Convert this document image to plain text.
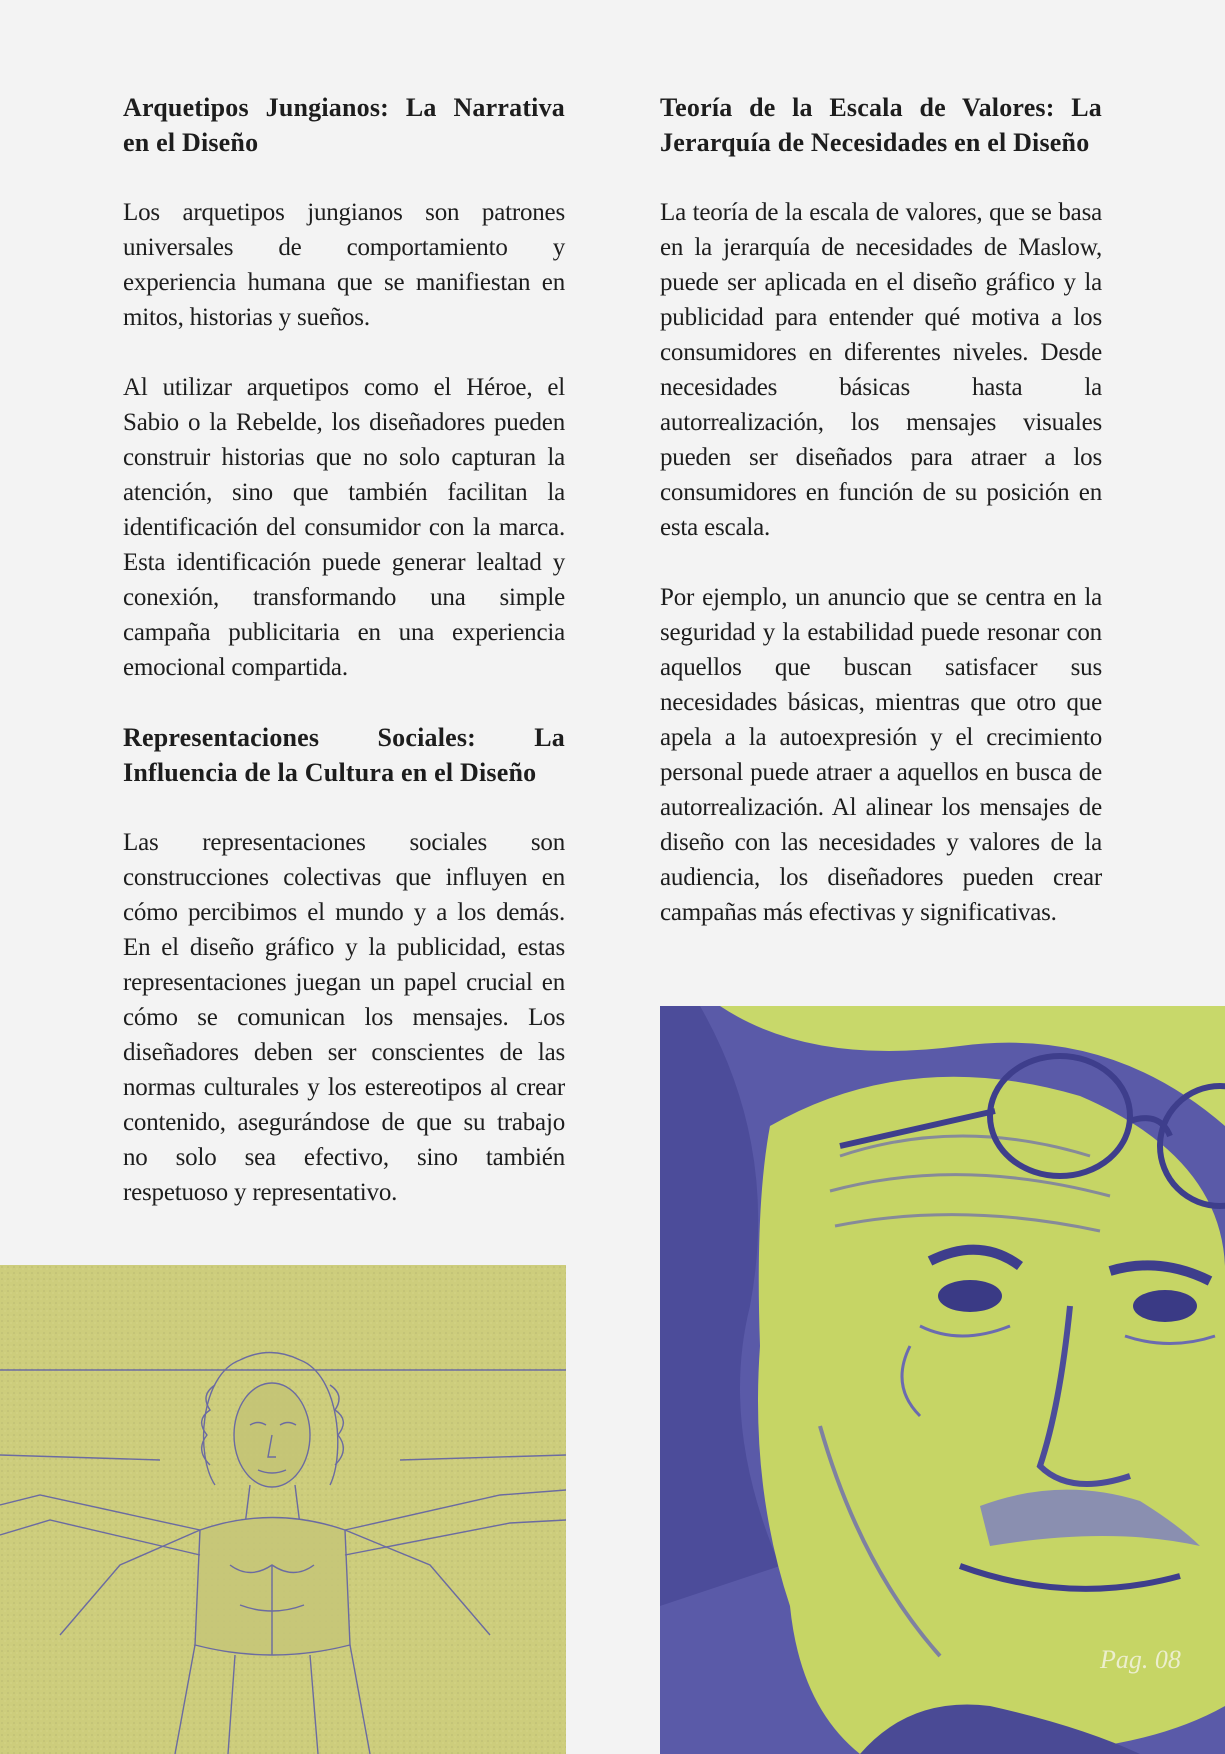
Arquetipos Jungianos: La Narrativa en el Diseño

Los arquetipos jungianos son patrones universales de comportamiento y experiencia humana que se manifiestan en mitos, historias y sueños.

Al utilizar arquetipos como el Héroe, el Sabio o la Rebelde, los diseñadores pueden construir historias que no solo capturan la atención, sino que también facilitan la identificación del consumidor con la marca. Esta identificación puede generar lealtad y conexión, transformando una simple campaña publicitaria en una experiencia emocional compartida.

Representaciones Sociales: La Influencia de la Cultura en el Diseño

Las representaciones sociales son construcciones colectivas que influyen en cómo percibimos el mundo y a los demás. En el diseño gráfico y la publicidad, estas representaciones juegan un papel crucial en cómo se comunican los mensajes. Los diseñadores deben ser conscientes de las normas culturales y los estereotipos al crear contenido, asegurándose de que su trabajo no solo sea efectivo, sino también respetuoso y representativo.

Teoría de la Escala de Valores: La Jerarquía de Necesidades en el Diseño

La teoría de la escala de valores, que se basa en la jerarquía de necesidades de Maslow, puede ser aplicada en el diseño gráfico y la publicidad para entender qué motiva a los consumidores en diferentes niveles. Desde necesidades básicas hasta la autorrealización, los mensajes visuales pueden ser diseñados para atraer a los consumidores en función de su posición en esta escala.

Por ejemplo, un anuncio que se centra en la seguridad y la estabilidad puede resonar con aquellos que buscan satisfacer sus necesidades básicas, mientras que otro que apela a la autoexpresión y el crecimiento personal puede atraer a aquellos en busca de autorrealización. Al alinear los mensajes de diseño con las necesidades y valores de la audiencia, los diseñadores pueden crear campañas más efectivas y significativas.

Pag. 08
